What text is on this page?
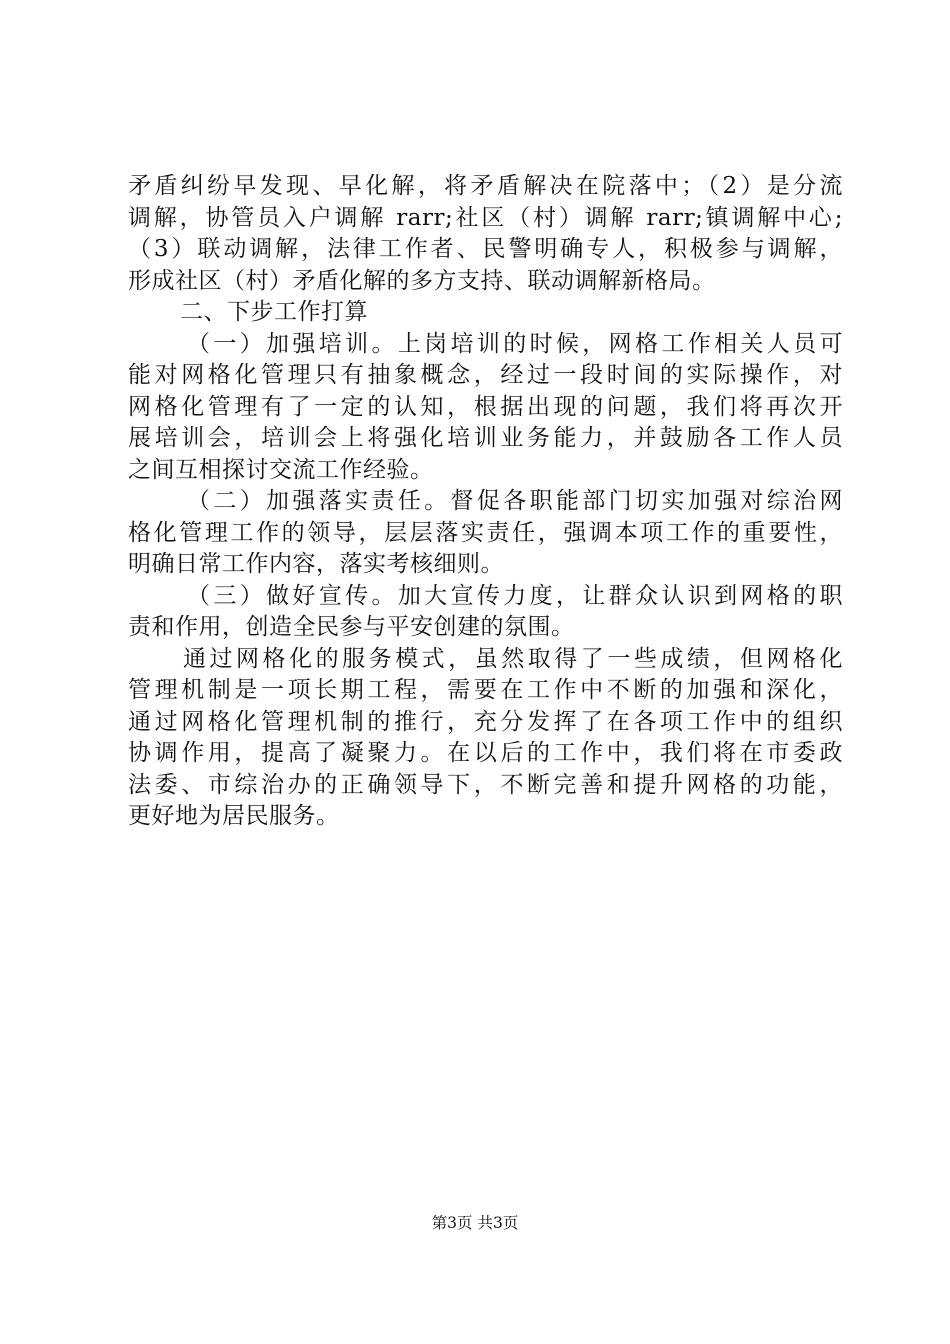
矛盾纠纷早发现、早化解，将矛盾解决在院落中；（2）是分流
调解，协管员入户调解 rarr;社区（村）调解 rarr;镇调解中心;
（3）联动调解，法律工作者、民警明确专人，积极参与调解，
形成社区（村）矛盾化解的多方支持、联动调解新格局。
二、下步工作打算
（一）加强培训。上岗培训的时候，网格工作相关人员可
能对网格化管理只有抽象概念，经过一段时间的实际操作，对
网格化管理有了一定的认知，根据出现的问题，我们将再次开
展培训会，培训会上将强化培训业务能力，并鼓励各工作人员
之间互相探讨交流工作经验。
（二）加强落实责任。督促各职能部门切实加强对综治网
格化管理工作的领导，层层落实责任，强调本项工作的重要性，
明确日常工作内容，落实考核细则。
（三）做好宣传。加大宣传力度，让群众认识到网格的职
责和作用，创造全民参与平安创建的氛围。
通过网格化的服务模式，虽然取得了一些成绩，但网格化
管理机制是一项长期工程，需要在工作中不断的加强和深化，
通过网格化管理机制的推行，充分发挥了在各项工作中的组织
协调作用，提高了凝聚力。在以后的工作中，我们将在市委政
法委、市综治办的正确领导下，不断完善和提升网格的功能，
更好地为居民服务。
第3页 共3页
